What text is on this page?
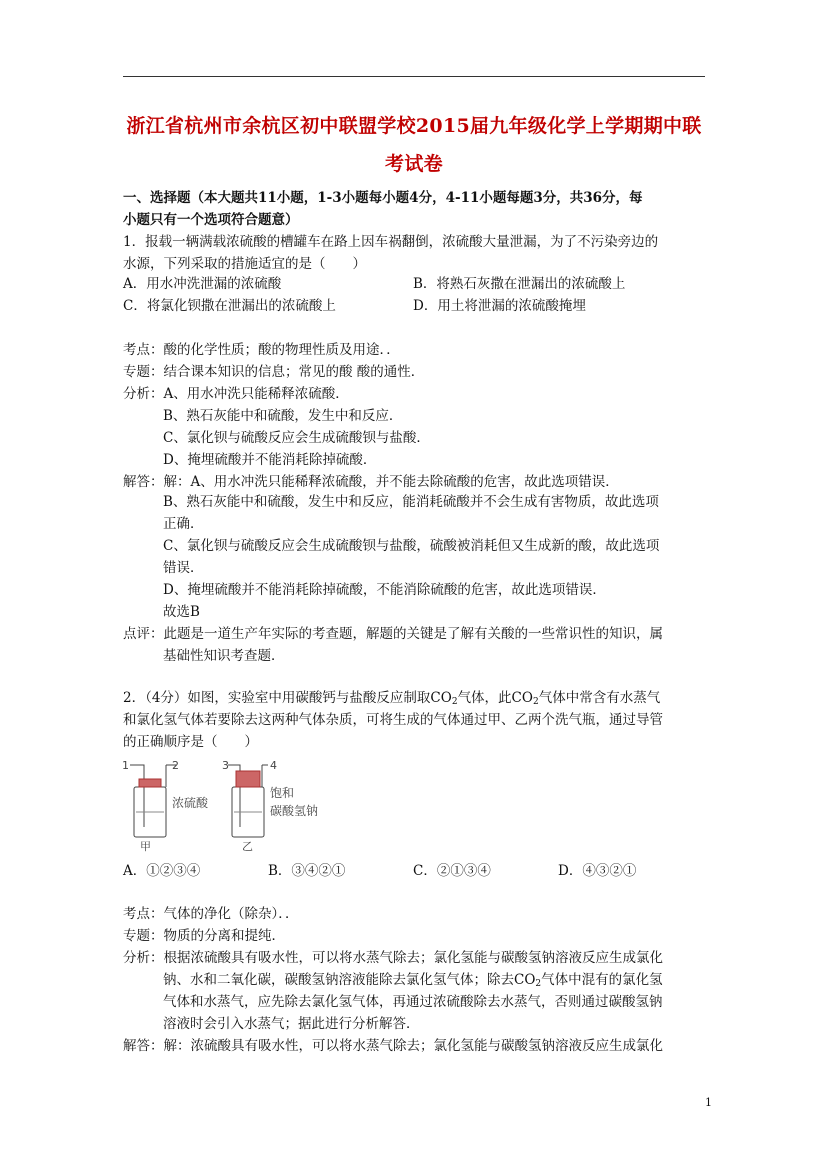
浙江省杭州市余杭区初中联盟学校2015届九年级化学上学期期中联
考试卷
一、选择题（本大题共11小题，1-3小题每小题4分，4-11小题每题3分，共36分，每
小题只有一个选项符合题意）
1．报载一辆满载浓硫酸的槽罐车在路上因车祸翻倒，浓硫酸大量泄漏，为了不污染旁边的
水源，下列采取的措施适宜的是（　　）
A．用水冲洗泄漏的浓硫酸	B．将熟石灰撒在泄漏出的浓硫酸上
C．将氯化钡撒在泄漏出的浓硫酸上	D．用土将泄漏的浓硫酸掩埋
考点：酸的化学性质；酸的物理性质及用途．．
专题：结合课本知识的信息；常见的酸 酸的通性．
分析：A、用水冲洗只能稀释浓硫酸．
B、熟石灰能中和硫酸，发生中和反应．
C、氯化钡与硫酸反应会生成硫酸钡与盐酸．
D、掩埋硫酸并不能消耗除掉硫酸．
解答：解：A、用水冲洗只能稀释浓硫酸，并不能去除硫酸的危害，故此选项错误．
B、熟石灰能中和硫酸，发生中和反应，能消耗硫酸并不会生成有害物质，故此选项
正确．
C、氯化钡与硫酸反应会生成硫酸钡与盐酸，硫酸被消耗但又生成新的酸，故此选项
错误．
D、掩埋硫酸并不能消耗除掉硫酸，不能消除硫酸的危害，故此选项错误．
故选B
点评：此题是一道生产年实际的考查题，解题的关键是了解有关酸的一些常识性的知识，属
基础性知识考查题．
2．（4分）如图，实验室中用碳酸钙与盐酸反应制取$CO_2$气体，此$CO_2$气体中常含有水蒸气
和氯化氢气体若要除去这两种气体杂质，可将生成的气体通过甲、乙两个洗气瓶，通过导管
的正确顺序是（　　）
1	2
浓硫酸
甲
3	4
饱和
碳酸氢钠
乙
A．①②③④	B．③④②①	C．②①③④	D．④③②①
考点：气体的净化（除杂）．．
专题：物质的分离和提纯．
分析：根据浓硫酸具有吸水性，可以将水蒸气除去；氯化氢能与碳酸氢钠溶液反应生成氯化
钠、水和二氧化碳，碳酸氢钠溶液能除去氯化氢气体；除去$CO_2$气体中混有的氯化氢
气体和水蒸气，应先除去氯化氢气体，再通过浓硫酸除去水蒸气，否则通过碳酸氢钠
溶液时会引入水蒸气；据此进行分析解答．
解答：解：浓硫酸具有吸水性，可以将水蒸气除去；氯化氢能与碳酸氢钠溶液反应生成氯化
1
